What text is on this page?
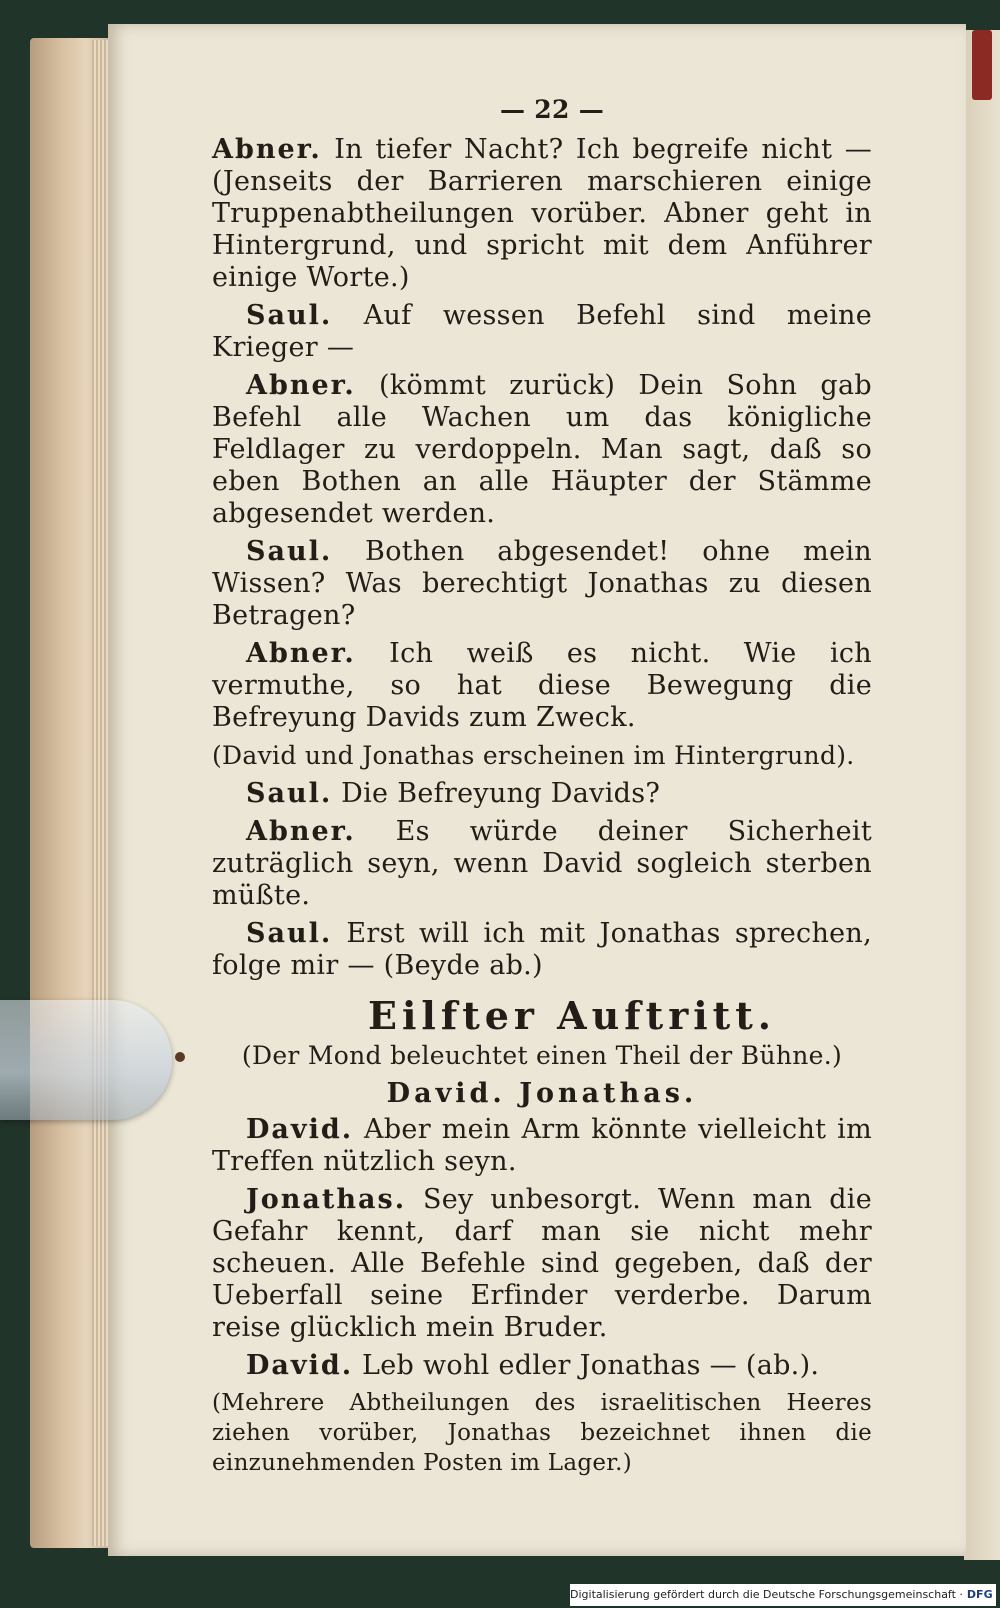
— 22 —

Abner. In tiefer Nacht? Ich begreife nicht — (Jenseits der Barrieren marschieren einige Truppenabtheilungen vorüber. Abner geht in Hintergrund, und spricht mit dem Anführer einige Worte.)

Saul. Auf wessen Befehl sind meine Krieger —

Abner. (kömmt zurück) Dein Sohn gab Befehl alle Wachen um das königliche Feldlager zu verdoppeln. Man sagt, daß so eben Bothen an alle Häupter der Stämme abgesendet werden.

Saul. Bothen abgesendet! ohne mein Wissen? Was berechtigt Jonathas zu diesen Betragen?

Abner. Ich weiß es nicht. Wie ich vermuthe, so hat diese Bewegung die Befreyung Davids zum Zweck.

(David und Jonathas erscheinen im Hintergrund).

Saul. Die Befreyung Davids?

Abner. Es würde deiner Sicherheit zuträglich seyn, wenn David sogleich sterben müßte.

Saul. Erst will ich mit Jonathas sprechen, folge mir — (Beyde ab.)

Eilfter Auftritt.
(Der Mond beleuchtet einen Theil der Bühne.)
David. Jonathas.

David. Aber mein Arm könnte vielleicht im Treffen nützlich seyn.

Jonathas. Sey unbesorgt. Wenn man die Gefahr kennt, darf man sie nicht mehr scheuen. Alle Befehle sind gegeben, daß der Ueberfall seine Erfinder verderbe. Darum reise glücklich mein Bruder.

David. Leb wohl edler Jonathas — (ab.).

(Mehrere Abtheilungen des israelitischen Heeres ziehen vorüber, Jonathas bezeichnet ihnen die einzunehmenden Posten im Lager.)

Digitalisierung gefördert durch die Deutsche Forschungsgemeinschaft · DFG
